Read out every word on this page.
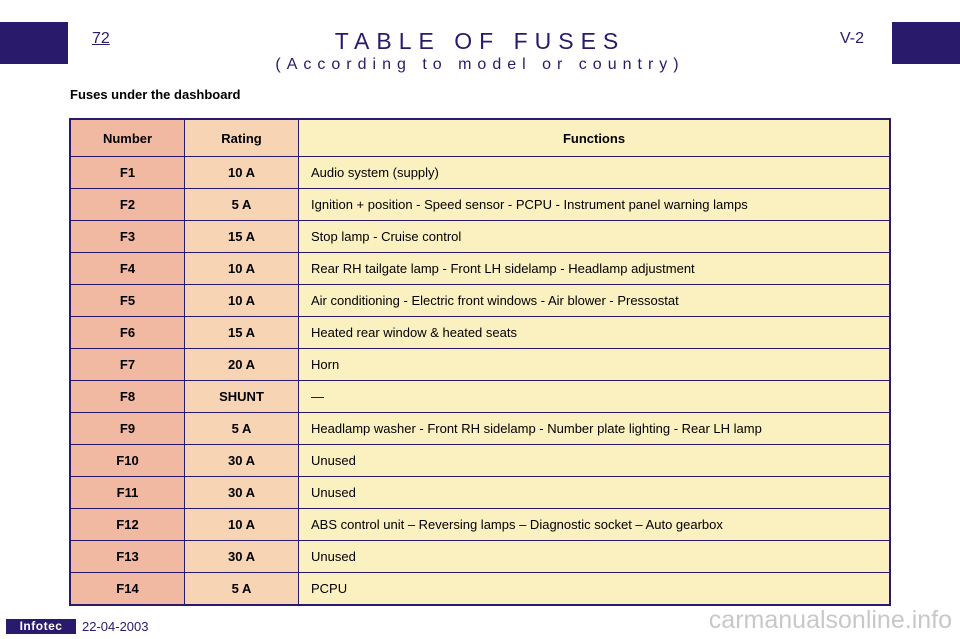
72	TABLE OF FUSES
(According to model or country)
V-2
Fuses under the dashboard
Number	Rating	Functions
F1	10 A	Audio system (supply)
F2	5 A	Ignition + position - Speed sensor - PCPU - Instrument panel warning lamps
F3	15 A	Stop lamp - Cruise control
F4	10 A	Rear RH tailgate lamp - Front LH sidelamp - Headlamp adjustment
F5	10 A	Air conditioning - Electric front windows - Air blower - Pressostat
F6	15 A	Heated rear window & heated seats
F7	20 A	Horn
F8	SHUNT	—
F9	5 A	Headlamp washer - Front RH sidelamp - Number plate lighting - Rear LH lamp
F10	30 A	Unused
F11	30 A	Unused
F12	10 A	ABS control unit – Reversing lamps – Diagnostic socket – Auto gearbox
F13	30 A	Unused
F14	5 A	PCPU
Infotec	22-04-2003	carmanualsonline.info
